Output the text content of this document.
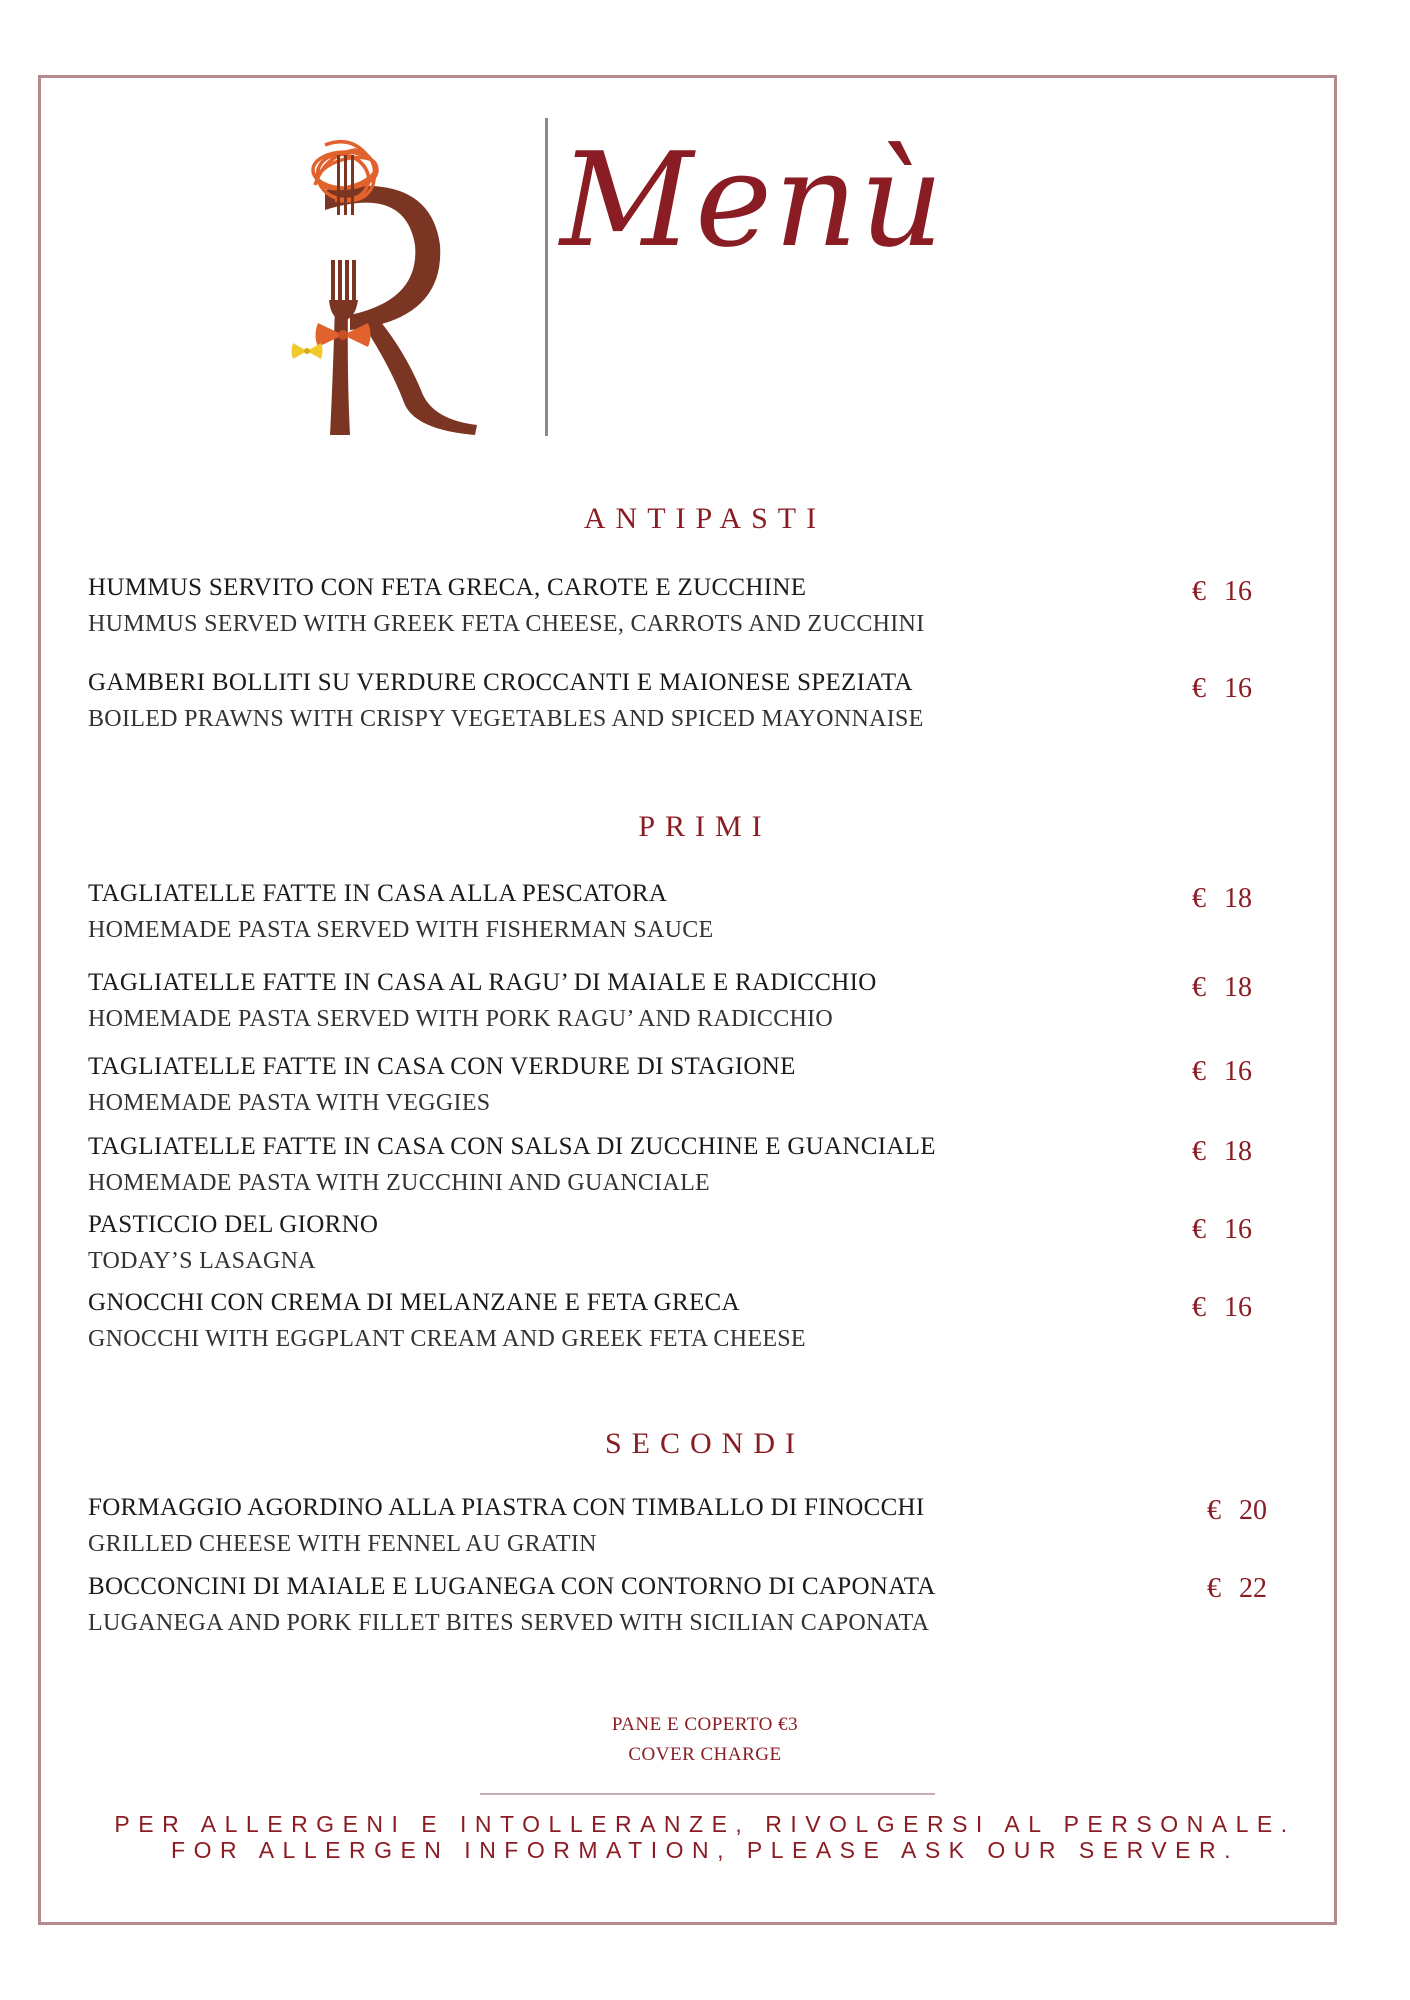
Menù
ANTIPASTI
HUMMUS SERVITO CON FETA GRECA, CAROTE E ZUCCHINE
HUMMUS SERVED WITH GREEK FETA CHEESE, CARROTS AND ZUCCHINI
€ 16
GAMBERI BOLLITI SU VERDURE CROCCANTI E MAIONESE SPEZIATA
BOILED PRAWNS WITH CRISPY VEGETABLES AND SPICED MAYONNAISE
€ 16
PRIMI
TAGLIATELLE FATTE IN CASA ALLA PESCATORA
HOMEMADE PASTA SERVED WITH FISHERMAN SAUCE
€ 18
TAGLIATELLE FATTE IN CASA AL RAGU’ DI MAIALE E RADICCHIO
HOMEMADE PASTA SERVED WITH PORK RAGU’ AND RADICCHIO
€ 18
TAGLIATELLE FATTE IN CASA CON VERDURE DI STAGIONE
HOMEMADE PASTA WITH VEGGIES
€ 16
TAGLIATELLE FATTE IN CASA CON SALSA DI ZUCCHINE E GUANCIALE
HOMEMADE PASTA WITH ZUCCHINI AND GUANCIALE
€ 18
PASTICCIO DEL GIORNO
TODAY’S LASAGNA
€ 16
GNOCCHI CON CREMA DI MELANZANE E FETA GRECA
GNOCCHI WITH EGGPLANT CREAM AND GREEK FETA CHEESE
€ 16
SECONDI
FORMAGGIO AGORDINO ALLA PIASTRA CON TIMBALLO DI FINOCCHI
GRILLED CHEESE WITH FENNEL AU GRATIN
€ 20
BOCCONCINI DI MAIALE E LUGANEGA CON CONTORNO DI CAPONATA
LUGANEGA AND PORK FILLET BITES SERVED WITH SICILIAN CAPONATA
€ 22
PANE E COPERTO €3
COVER CHARGE
PER ALLERGENI E INTOLLERANZE, RIVOLGERSI AL PERSONALE.
FOR ALLERGEN INFORMATION, PLEASE ASK OUR SERVER.
